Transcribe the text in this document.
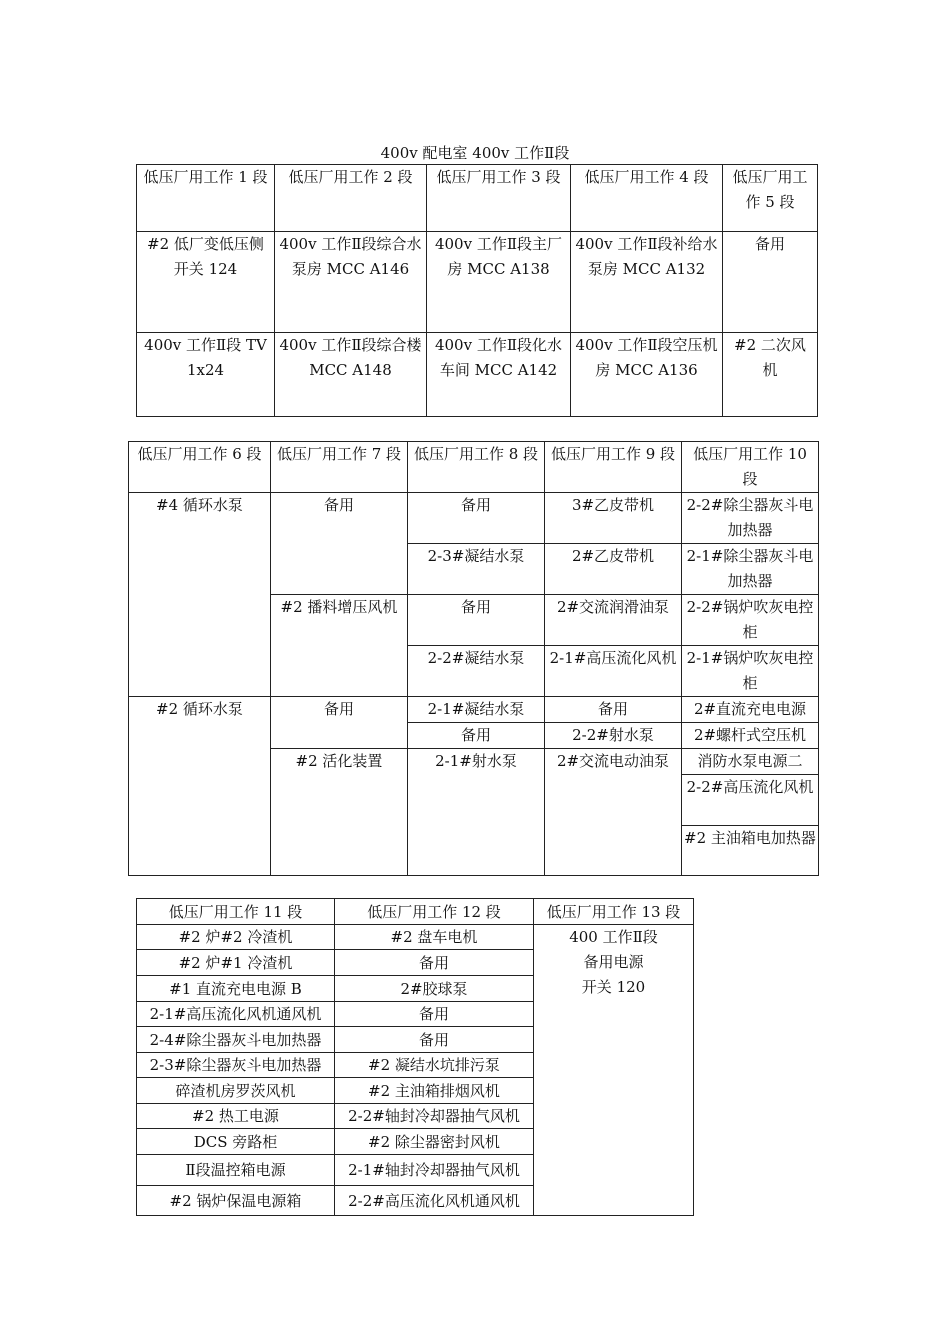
400v 配电室 400v 工作Ⅱ段
低压厂用工作 1 段	低压厂用工作 2 段	低压厂用工作 3 段	低压厂用工作 4 段	低压厂用工作 5 段
#2 低厂变低压侧开关 124	400v 工作Ⅱ段综合水泵房 MCC A146	400v 工作Ⅱ段主厂房 MCC A138	400v 工作Ⅱ段补给水泵房 MCC A132	备用
400v 工作Ⅱ段 TV1x24	400v 工作Ⅱ段综合楼 MCC A148	400v 工作Ⅱ段化水车间 MCC A142	400v 工作Ⅱ段空压机房 MCC A136	#2 二次风机
低压厂用工作 6 段	低压厂用工作 7 段	低压厂用工作 8 段	低压厂用工作 9 段	低压厂用工作 10 段
#4 循环水泵	备用	备用	3#乙皮带机	2-2#除尘器灰斗电加热器
		2-3#凝结水泵	2#乙皮带机	2-1#除尘器灰斗电加热器
	#2 播料增压风机	备用	2#交流润滑油泵	2-2#锅炉吹灰电控柜
		2-2#凝结水泵	2-1#高压流化风机	2-1#锅炉吹灰电控柜
#2 循环水泵	备用	2-1#凝结水泵	备用	2#直流充电电源
		备用	2-2#射水泵	2#螺杆式空压机
	#2 活化装置	2-1#射水泵	2#交流电动油泵	消防水泵电源二
				2-2#高压流化风机
				#2 主油箱电加热器
低压厂用工作 11 段	低压厂用工作 12 段	低压厂用工作 13 段
#2 炉#2 冷渣机	#2 盘车电机	400 工作Ⅱ段
备用电源
开关 120

#2 炉#1 冷渣机	备用	
#1 直流充电电源 B	2#胶球泵	
2-1#高压流化风机通风机	备用	
2-4#除尘器灰斗电加热器	备用	
2-3#除尘器灰斗电加热器	#2 凝结水坑排污泵	
碎渣机房罗茨风机	#2 主油箱排烟风机	
#2 热工电源	2-2#轴封冷却器抽气风机	
DCS 旁路柜	#2 除尘器密封风机	
Ⅱ段温控箱电源	2-1#轴封冷却器抽气风机	
#2 锅炉保温电源箱	2-2#高压流化风机通风机	
